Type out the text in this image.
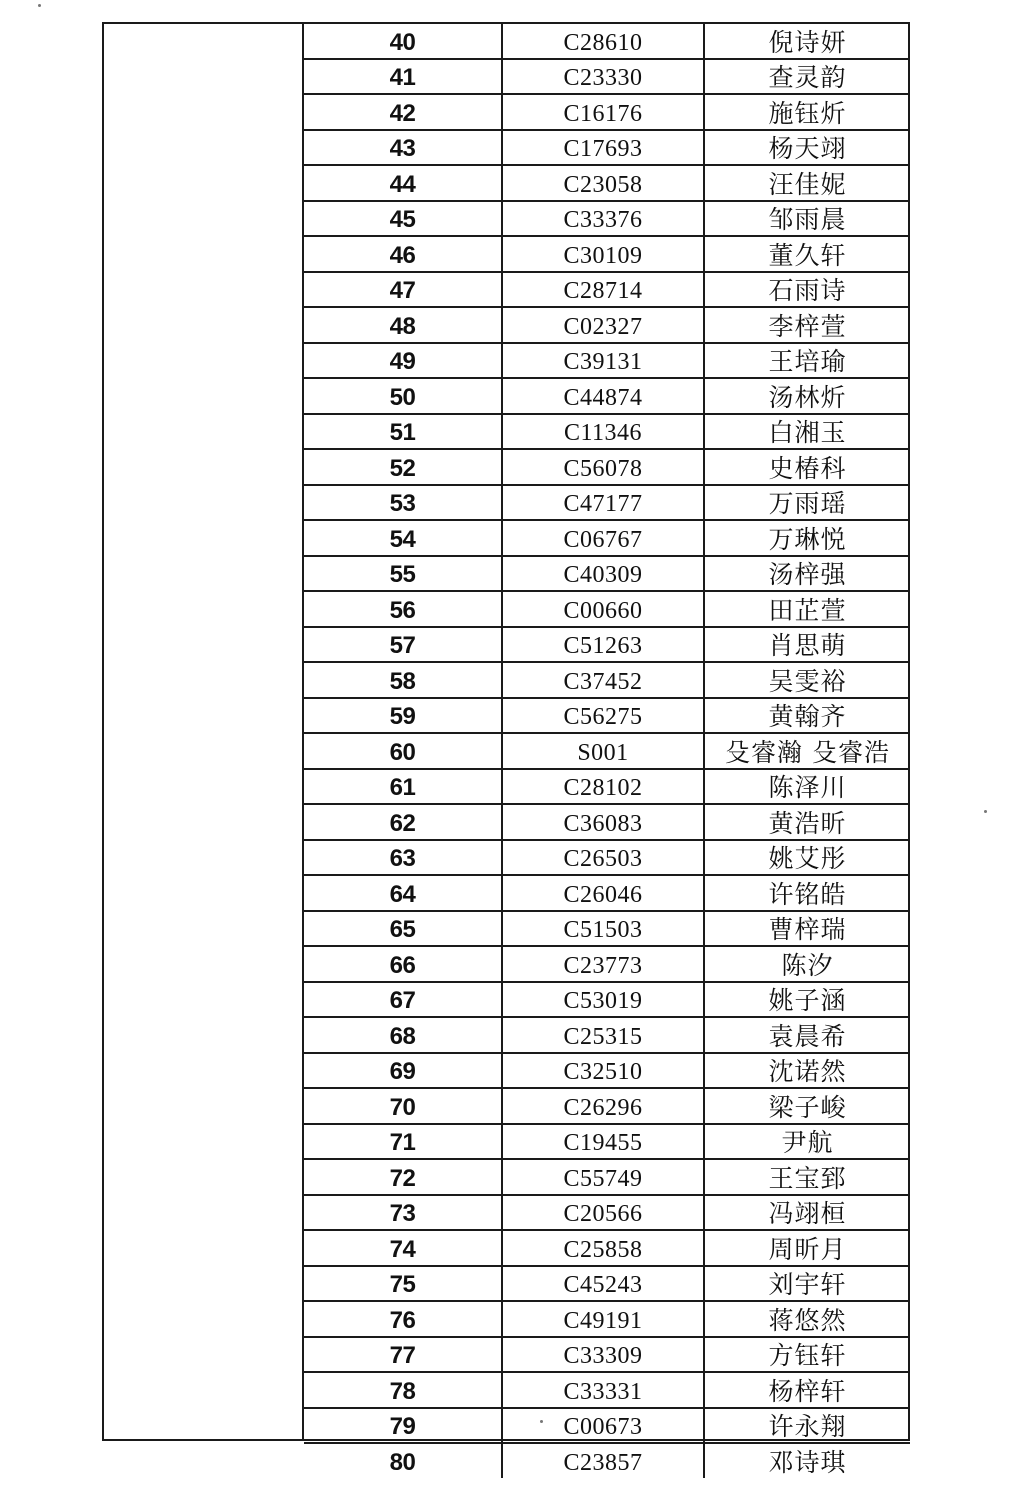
40	C28610	倪诗妍
41	C23330	查灵韵
42	C16176	施钰炘
43	C17693	杨天翊
44	C23058	汪佳妮
45	C33376	邹雨晨
46	C30109	董久轩
47	C28714	石雨诗
48	C02327	李梓萱
49	C39131	王培瑜
50	C44874	汤林炘
51	C11346	白湘玉
52	C56078	史椿科
53	C47177	万雨瑶
54	C06767	万琳悦
55	C40309	汤梓强
56	C00660	田芷萱
57	C51263	肖思萌
58	C37452	吴雯裕
59	C56275	黄翰齐
60	S001	殳睿瀚 殳睿浩
61	C28102	陈泽川
62	C36083	黄浩昕
63	C26503	姚艾彤
64	C26046	许铭皓
65	C51503	曹梓瑞
66	C23773	陈汐
67	C53019	姚子涵
68	C25315	袁晨希
69	C32510	沈诺然
70	C26296	梁子峻
71	C19455	尹航
72	C55749	王宝郅
73	C20566	冯翊桓
74	C25858	周昕月
75	C45243	刘宇轩
76	C49191	蒋悠然
77	C33309	方钰轩
78	C33331	杨梓轩
79	C00673	许永翔
80	C23857	邓诗琪
